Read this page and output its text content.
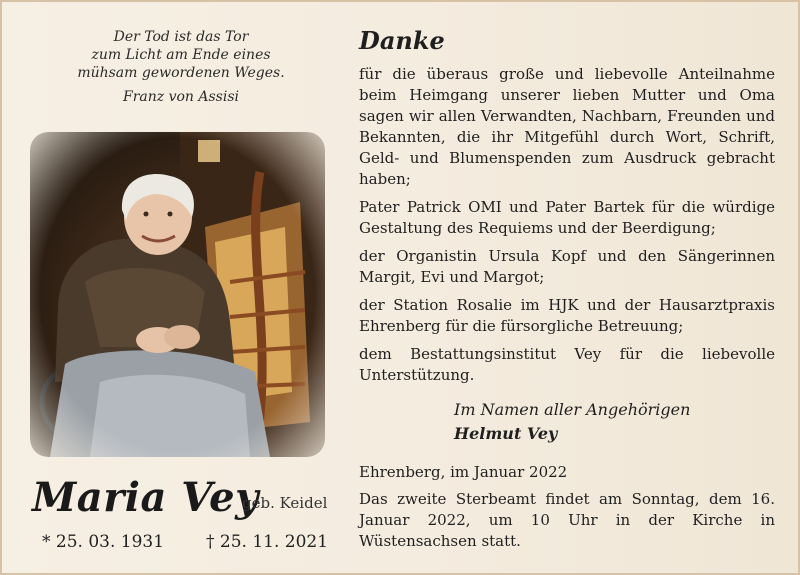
Der Tod ist das Tor
zum Licht am Ende eines
mühsam gewordenen Weges.
Franz von Assisi
Maria Vey
geb. Keidel
* 25. 03. 1931 † 25. 11. 2021
Danke

für die überaus große und liebevolle Anteilnahme beim Heimgang unserer lieben Mutter und Oma sagen wir allen Verwandten, Nachbarn, Freunden und Bekannten, die ihr Mitgefühl durch Wort, Schrift, Geld- und Blumenspenden zum Ausdruck gebracht haben;

Pater Patrick OMI und Pater Bartek für die würdige Gestaltung des Requiems und der Beerdigung;

der Organistin Ursula Kopf und den Sängerinnen Margit, Evi und Margot;

der Station Rosalie im HJK und der Hausarztpraxis Ehrenberg für die fürsorgliche Betreuung;

dem Bestattungsinstitut Vey für die liebevolle Unterstützung.

Im Namen aller Angehörigen
Helmut Vey
Ehrenberg, im Januar 2022

Das zweite Sterbeamt findet am Sonntag, dem 16. Januar 2022, um 10 Uhr in der Kirche in Wüstensachsen statt.
